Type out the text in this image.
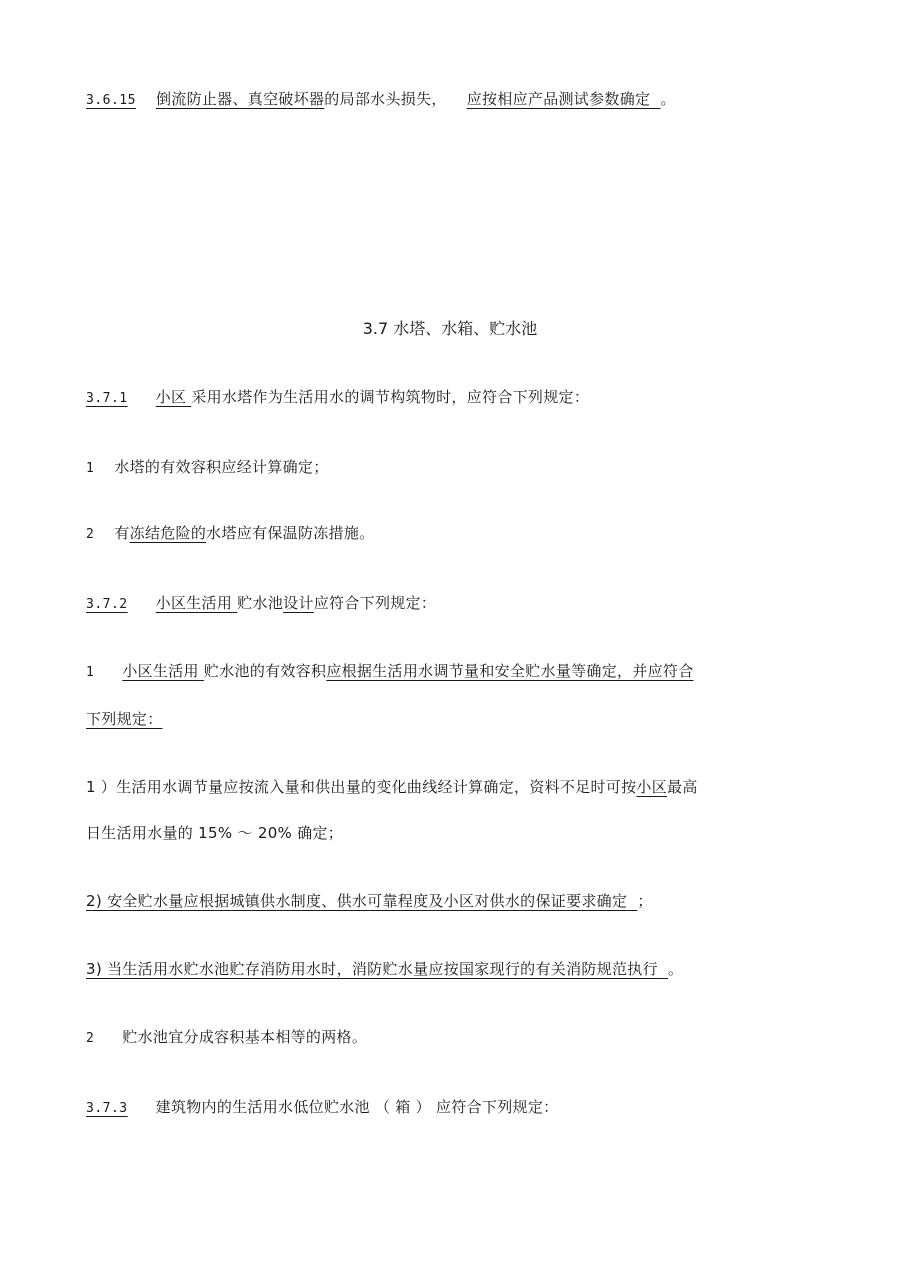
3.6.15 倒流防止器、真空破坏器的局部水头损失， 应按相应产品测试参数确定 。
3.7 水塔、水箱、贮水池
3.7.1 小区 采用水塔作为生活用水的调节构筑物时，应符合下列规定：
1 水塔的有效容积应经计算确定；
2 有冻结危险的水塔应有保温防冻措施。
3.7.2 小区生活用 贮水池设计应符合下列规定：
1 小区生活用 贮水池的有效容积应根据生活用水调节量和安全贮水量等确定，并应符合
下列规定：
1 ）生活用水调节量应按流入量和供出量的变化曲线经计算确定，资料不足时可按小区最高
日生活用水量的 15% ～ 20% 确定；
2) 安全贮水量应根据城镇供水制度、供水可靠程度及小区对供水的保证要求确定 ；
3) 当生活用水贮水池贮存消防用水时，消防贮水量应按国家现行的有关消防规范执行 。
2 贮水池宜分成容积基本相等的两格。
3.7.3 建筑物内的生活用水低位贮水池 （ 箱 ） 应符合下列规定：
